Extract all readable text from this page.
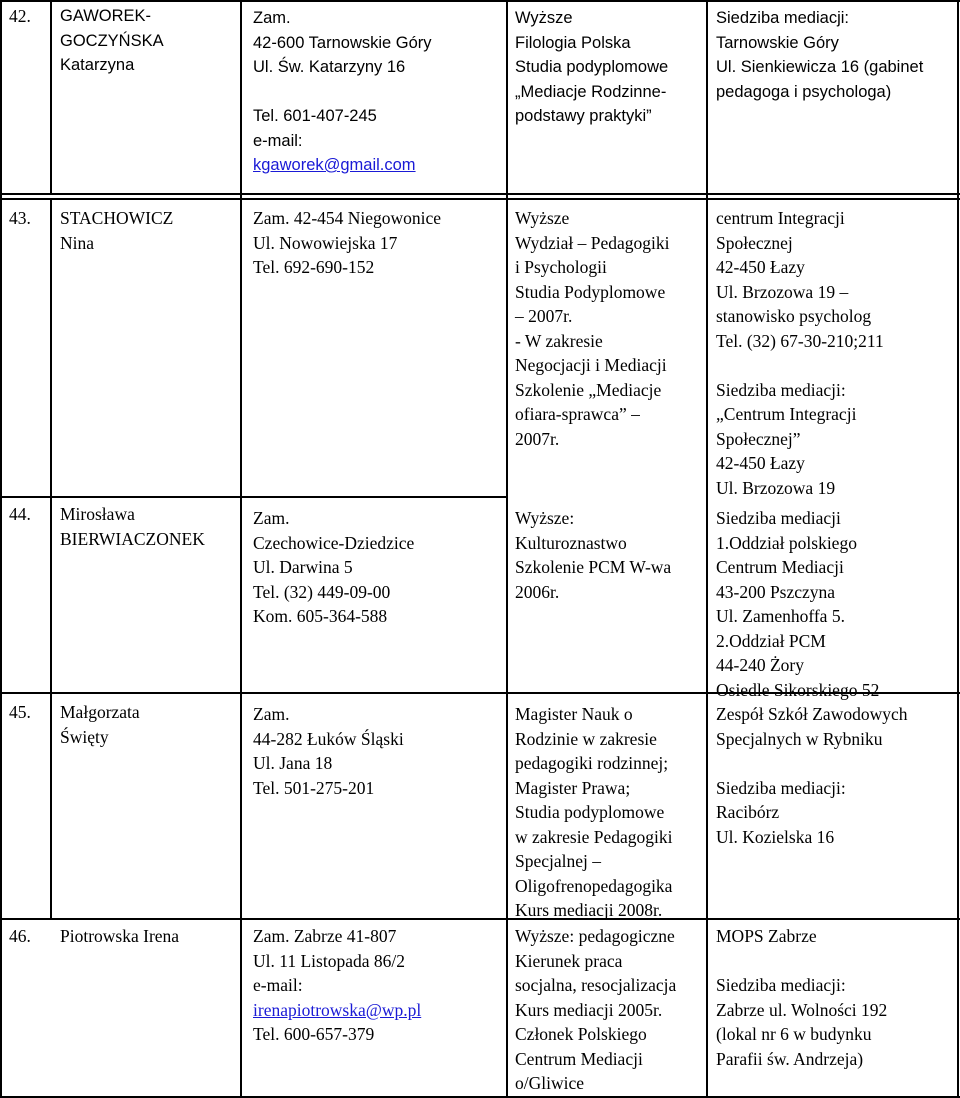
42. GAWOREK-
GOCZYŃSKA
Katarzyna
Zam.
42-600 Tarnowskie Góry
Ul. Św. Katarzyny 16

Tel. 601-407-245
e-mail:
kgaworek@gmail.com
Wyższe
Filologia Polska
Studia podyplomowe
„Mediacje Rodzinne-
podstawy praktyki”
Siedziba mediacji:
Tarnowskie Góry
Ul. Sienkiewicza 16 (gabinet
pedagoga i psychologa)
43. STACHOWICZ
Nina
Zam. 42-454 Niegowonice
Ul. Nowowiejska 17
Tel. 692-690-152
Wyższe
Wydział – Pedagogiki
i Psychologii
Studia Podyplomowe
– 2007r.
- W zakresie
Negocjacji i Mediacji
Szkolenie „Mediacje
ofiara-sprawca” –
2007r.
centrum Integracji
Społecznej
42-450 Łazy
Ul. Brzozowa 19 –
stanowisko psycholog
Tel. (32) 67-30-210;211

Siedziba mediacji:
„Centrum Integracji
Społecznej”
42-450 Łazy
Ul. Brzozowa 19
44. Mirosława
BIERWIACZONEK
Zam.
Czechowice-Dziedzice
Ul. Darwina 5
Tel. (32) 449-09-00
Kom. 605-364-588
Wyższe:
Kulturoznastwo
Szkolenie PCM W-wa
2006r.
Siedziba mediacji
1.Oddział polskiego
Centrum Mediacji
43-200 Pszczyna
Ul. Zamenhoffa 5.
2.Oddział PCM
44-240 Żory
Osiedle Sikorskiego 52
45. Małgorzata
Święty
Zam.
44-282 Łuków Śląski
Ul. Jana 18
Tel. 501-275-201
Magister Nauk o
Rodzinie w zakresie
pedagogiki rodzinnej;
Magister Prawa;
Studia podyplomowe
w zakresie Pedagogiki
Specjalnej –
Oligofrenopedagogika
Kurs mediacji 2008r.
Zespół Szkół Zawodowych
Specjalnych w Rybniku

Siedziba mediacji:
Racibórz
Ul. Kozielska 16
46. Piotrowska Irena	Zam. Zabrze 41-807
Ul. 11 Listopada 86/2
e-mail:
irenapiotrowska@wp.pl
Tel. 600-657-379
Wyższe: pedagogiczne
Kierunek praca
socjalna, resocjalizacja
Kurs mediacji 2005r.
Członek Polskiego
Centrum Mediacji
o/Gliwice
MOPS Zabrze

Siedziba mediacji:
Zabrze ul. Wolności 192
(lokal nr 6 w budynku
Parafii św. Andrzeja)
